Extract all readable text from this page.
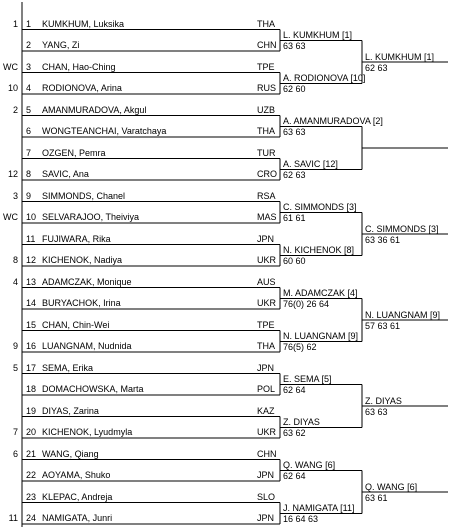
1 1	KUMKHUM, Luksika	THA
2	YANG, Zi	CHN
WC 3	CHAN, Hao-Ching	TPE
10 4	RODIONOVA, Arina	RUS
2 5	AMANMURADOVA, Akgul	UZB
6	WONGTEANCHAI, Varatchaya	THA
7	OZGEN, Pemra	TUR
12 8	SAVIC, Ana	CRO
3 9	SIMMONDS, Chanel	RSA
WC 10 SELVARAJOO, Theiviya	MAS
11 FUJIWARA, Rika	JPN
8 12 KICHENOK, Nadiya	UKR
4 13 ADAMCZAK, Monique	AUS
14 BURYACHOK, Irina	UKR
15 CHAN, Chin-Wei	TPE
9 16 LUANGNAM, Nudnida	THA
5 17 SEMA, Erika	JPN
18 DOMACHOWSKA, Marta	POL
19 DIYAS, Zarina	KAZ
7 20 KICHENOK, Lyudmyla	UKR
6 21 WANG, Qiang	CHN
22 AOYAMA, Shuko	JPN
23 KLEPAC, Andreja	SLO
11 24 NAMIGATA, Junri	JPN
L. KUMKHUM [1]
63 63
A. RODIONOVA [10]
62 60
A. AMANMURADOVA [2]
63 63
A. SAVIC [12]
62 63
C. SIMMONDS [3]
61 61
N. KICHENOK [8]
60 60
M. ADAMCZAK [4]
76(0) 26 64
N. LUANGNAM [9]
76(5) 62
E. SEMA [5]
62 64
Z. DIYAS
63 62
Q. WANG [6]
62 64
J. NAMIGATA [11]
16 64 63
L. KUMKHUM [1]
62 63
C. SIMMONDS [3]
63 36 61
N. LUANGNAM [9]
57 63 61
Z. DIYAS
63 63
Q. WANG [6]
63 61
